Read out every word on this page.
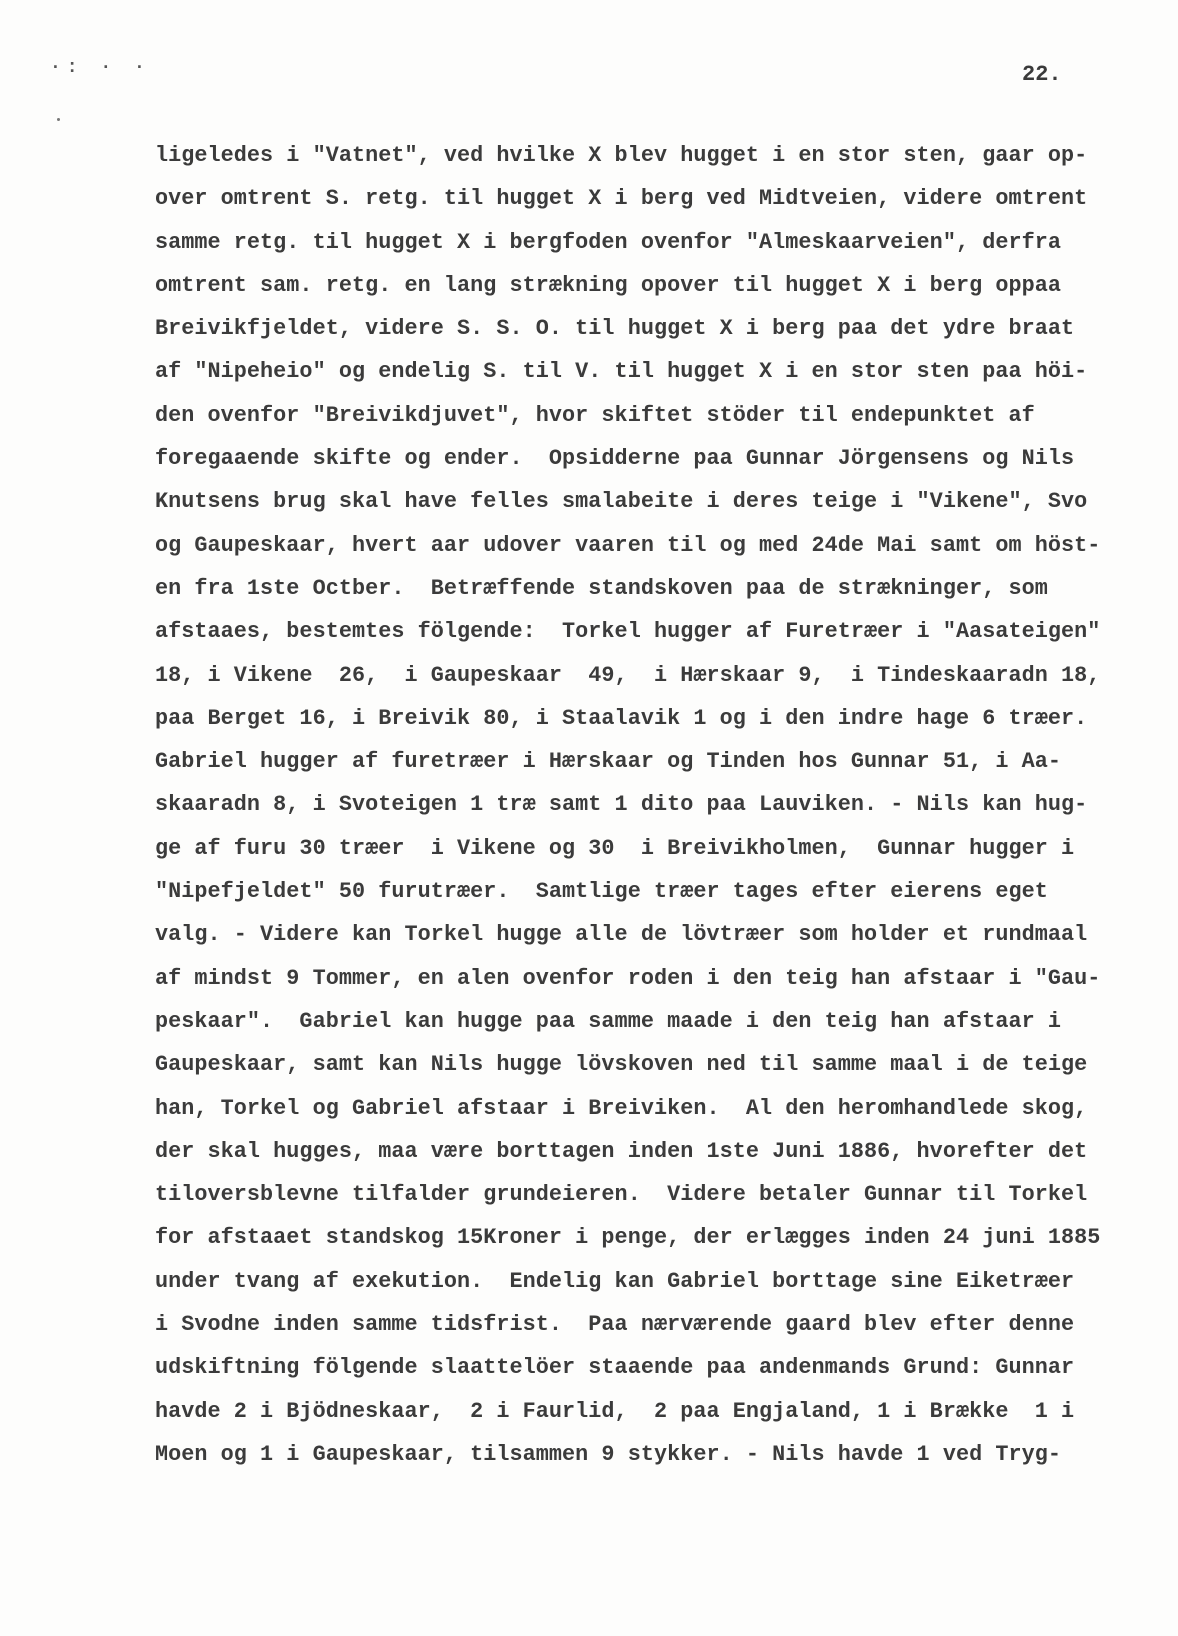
·: · ·	22.
ligeledes i "Vatnet", ved hvilke X blev hugget i en stor sten, gaar op-
over omtrent S. retg. til hugget X i berg ved Midtveien, videre omtrent
samme retg. til hugget X i bergfoden ovenfor "Almeskaarveien", derfra
omtrent sam. retg. en lang strækning opover til hugget X i berg oppaa
Breivikfjeldet, videre S. S. O. til hugget X i berg paa det ydre braat
af "Nipeheio" og endelig S. til V. til hugget X i en stor sten paa höi-
den ovenfor "Breivikdjuvet", hvor skiftet stöder til endepunktet af
foregaaende skifte og ender.  Opsidderne paa Gunnar Jörgensens og Nils
Knutsens brug skal have felles smalabeite i deres teige i "Vikene", Svo
og Gaupeskaar, hvert aar udover vaaren til og med 24de Mai samt om höst-
en fra 1ste Octber.  Betræffende standskoven paa de strækninger, som
afstaaes, bestemtes fölgende:  Torkel hugger af Furetræer i "Aasateigen"
18, i Vikene  26,  i Gaupeskaar  49,  i Hærskaar 9,  i Tindeskaaradn 18,
paa Berget 16, i Breivik 80, i Staalavik 1 og i den indre hage 6 træer.
Gabriel hugger af furetræer i Hærskaar og Tinden hos Gunnar 51, i Aa-
skaaradn 8, i Svoteigen 1 træ samt 1 dito paa Lauviken. - Nils kan hug-
ge af furu 30 træer  i Vikene og 30  i Breivikholmen,  Gunnar hugger i
"Nipefjeldet" 50 furutræer.  Samtlige træer tages efter eierens eget
valg. - Videre kan Torkel hugge alle de lövtræer som holder et rundmaal
af mindst 9 Tommer, en alen ovenfor roden i den teig han afstaar i "Gau-
peskaar".  Gabriel kan hugge paa samme maade i den teig han afstaar i
Gaupeskaar, samt kan Nils hugge lövskoven ned til samme maal i de teige
han, Torkel og Gabriel afstaar i Breiviken.  Al den heromhandlede skog,
der skal hugges, maa være borttagen inden 1ste Juni 1886, hvorefter det
tiloversblevne tilfalder grundeieren.  Videre betaler Gunnar til Torkel
for afstaaet standskog 15Kroner i penge, der erlægges inden 24 juni 1885
under tvang af exekution.  Endelig kan Gabriel borttage sine Eiketræer
i Svodne inden samme tidsfrist.  Paa nærværende gaard blev efter denne
udskiftning fölgende slaattelöer staaende paa andenmands Grund: Gunnar
havde 2 i Bjödneskaar,  2 i Faurlid,  2 paa Engjaland, 1 i Brække  1 i
Moen og 1 i Gaupeskaar, tilsammen 9 stykker. - Nils havde 1 ved Tryg-
